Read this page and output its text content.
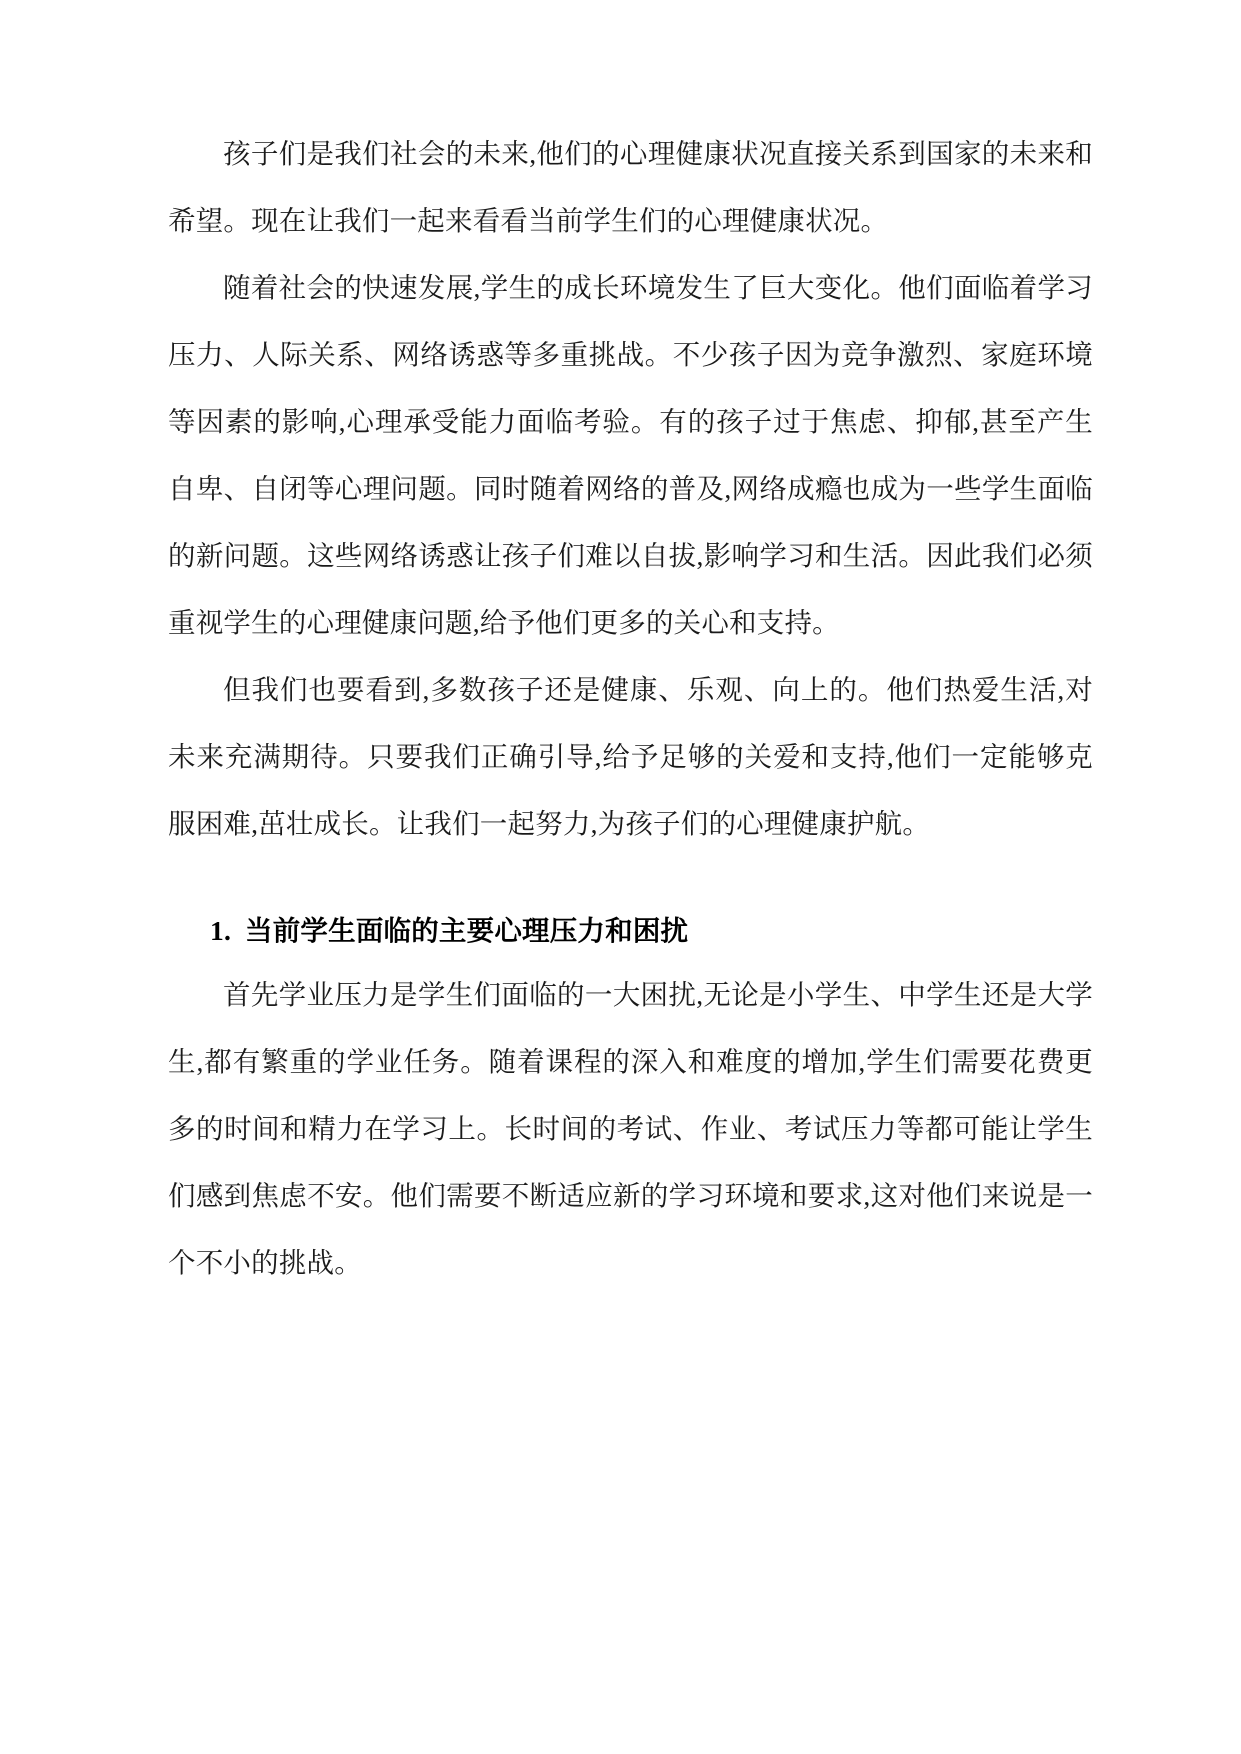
孩子们是我们社会的未来,他们的心理健康状况直接关系到国家的未来和希望。现在让我们一起来看看当前学生们的心理健康状况。

随着社会的快速发展,学生的成长环境发生了巨大变化。他们面临着学习压力、人际关系、网络诱惑等多重挑战。不少孩子因为竞争激烈、家庭环境等因素的影响,心理承受能力面临考验。有的孩子过于焦虑、抑郁,甚至产生自卑、自闭等心理问题。同时随着网络的普及,网络成瘾也成为一些学生面临的新问题。这些网络诱惑让孩子们难以自拔,影响学习和生活。因此我们必须重视学生的心理健康问题,给予他们更多的关心和支持。

但我们也要看到,多数孩子还是健康、乐观、向上的。他们热爱生活,对未来充满期待。只要我们正确引导,给予足够的关爱和支持,他们一定能够克服困难,茁壮成长。让我们一起努力,为孩子们的心理健康护航。

1. 当前学生面临的主要心理压力和困扰

首先学业压力是学生们面临的一大困扰,无论是小学生、中学生还是大学生,都有繁重的学业任务。随着课程的深入和难度的增加,学生们需要花费更多的时间和精力在学习上。长时间的考试、作业、考试压力等都可能让学生们感到焦虑不安。他们需要不断适应新的学习环境和要求,这对他们来说是一个不小的挑战。
